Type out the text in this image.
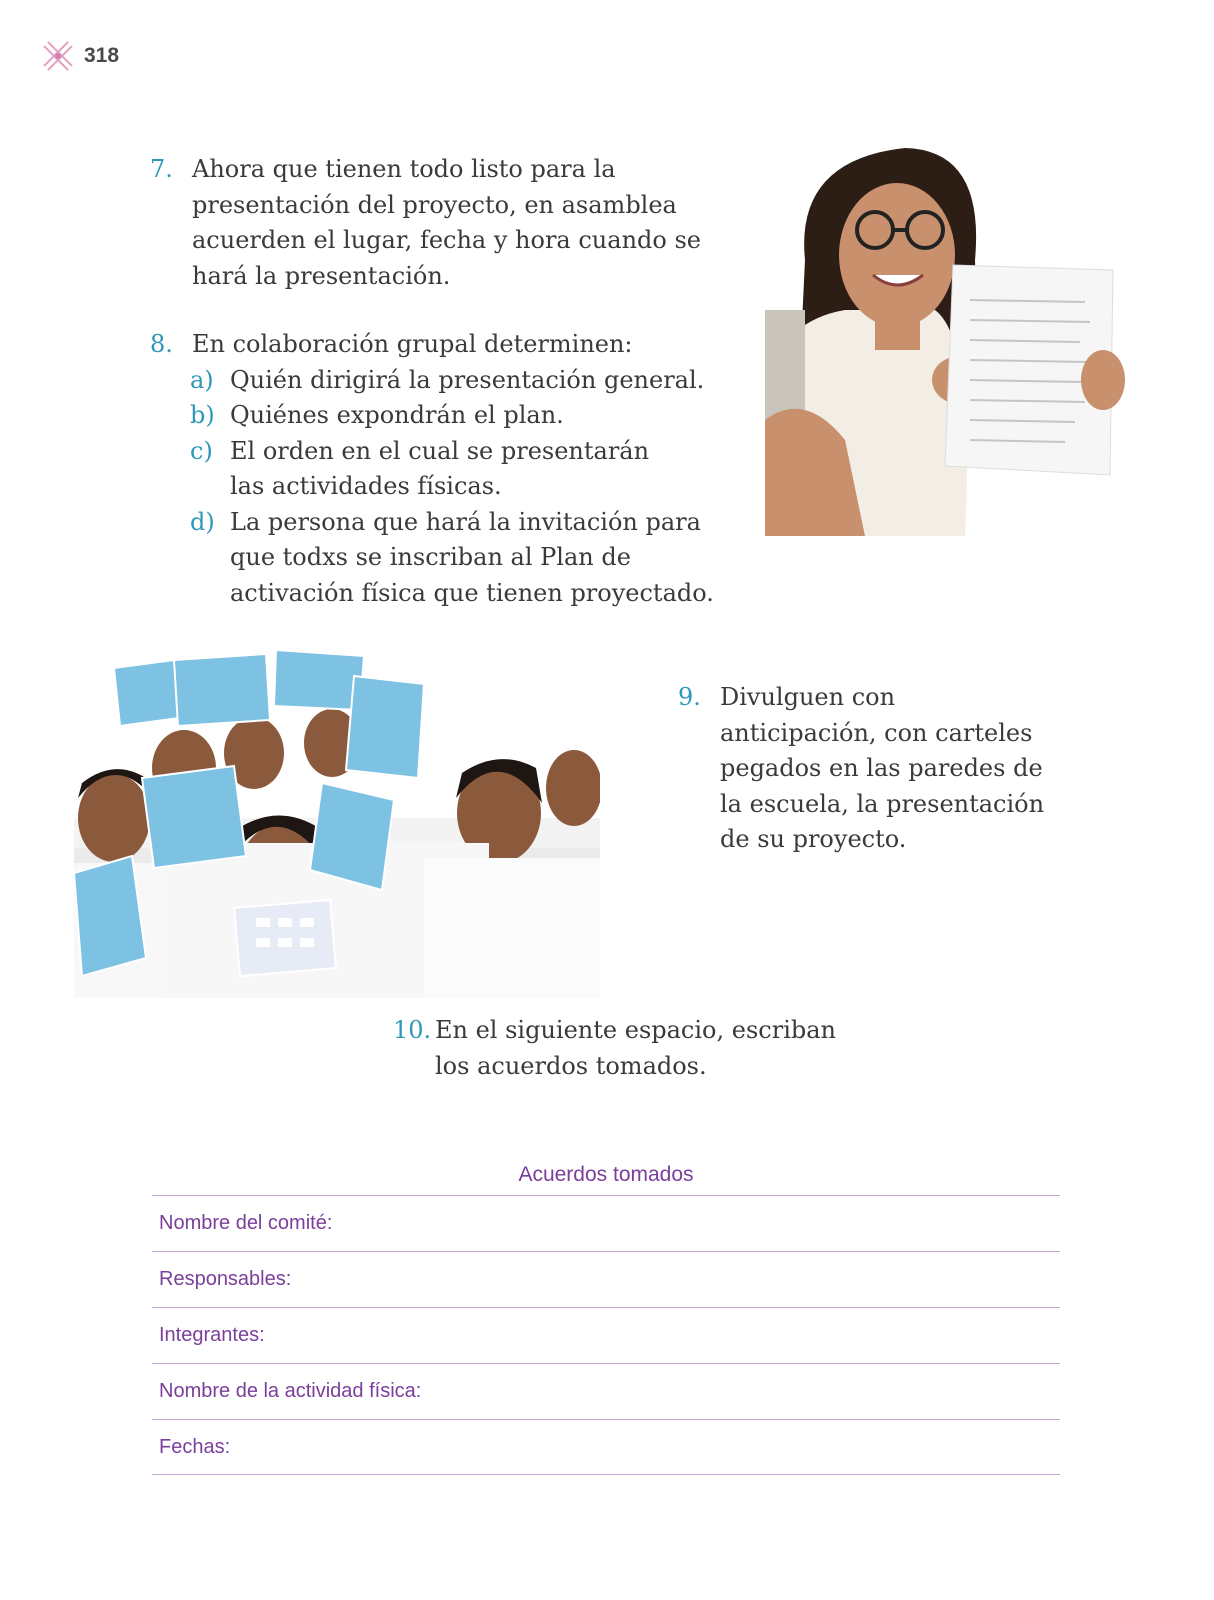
318
7. Ahora que tienen todo listo para la presentación del proyecto, en asamblea acuerden el lugar, fecha y hora cuando se hará la presentación.
8. En colaboración grupal determinen:
a) Quién dirigirá la presentación general.
b) Quiénes expondrán el plan.
c) El orden en el cual se presentarán las actividades físicas.
d) La persona que hará la invitación para que todxs se inscriban al Plan de activación física que tienen proyectado.
9. Divulguen con anticipación, con carteles pegados en las paredes de la escuela, la presentación de su proyecto.
10. En el siguiente espacio, escriban los acuerdos tomados.
Acuerdos tomados
Nombre del comité:
Responsables:
Integrantes:
Nombre de la actividad física:
Fechas:
